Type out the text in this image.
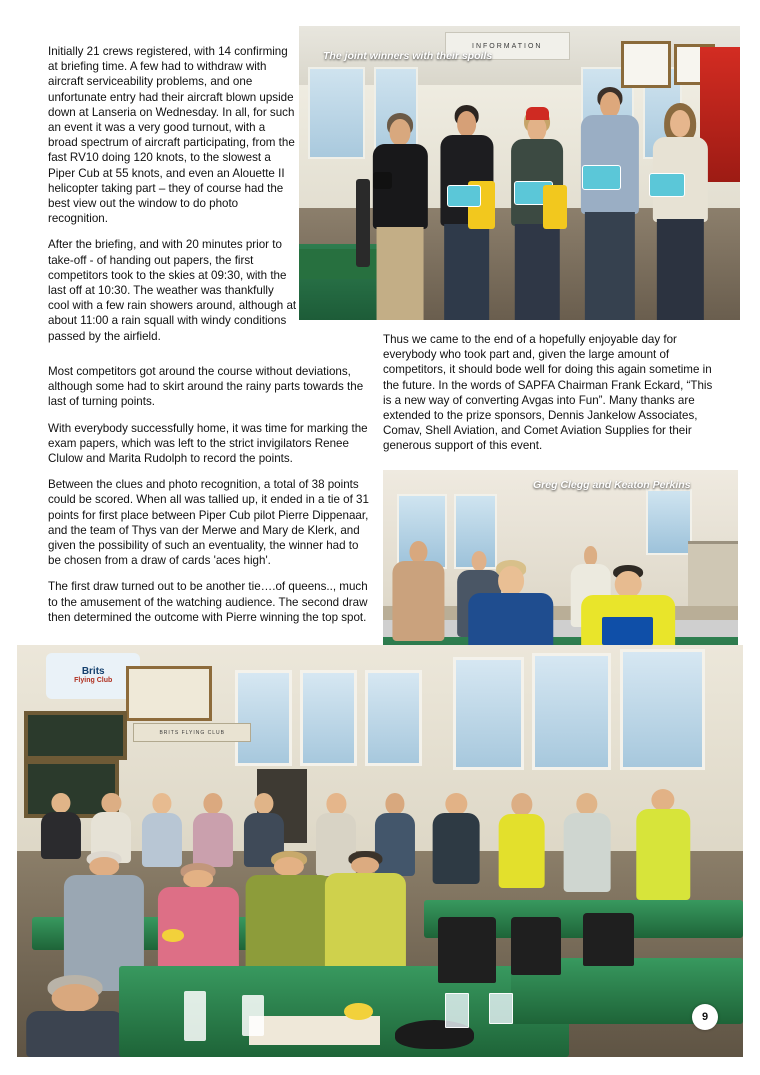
Initially 21 crews registered, with 14 confirming at briefing time. A few had to withdraw with aircraft serviceability problems, and one unfortunate entry had their aircraft blown upside down at Lanseria on Wednesday. In all, for such an event it was a very good turnout, with a broad spectrum of aircraft participating, from the fast RV10 doing 120 knots, to the slowest a Piper Cub at 55 knots, and even an Alouette II helicopter taking part – they of course had the best view out the window to do photo recognition.

After the briefing, and with 20 minutes prior to take-off - of handing out papers, the first competitors took to the skies at 09:30, with the last off at 10:30. The weather was thankfully cool with a few rain showers around, although at about 11:00 a rain squall with windy conditions passed by the airfield.

Most competitors got around the course without deviations, although some had to skirt around the rainy parts towards the last of turning points.

With everybody successfully home, it was time for marking the exam papers, which was left to the strict invigilators Renee Clulow and Marita Rudolph to record the points.

Between the clues and photo recognition, a total of 38 points could be scored. When all was tallied up, it ended in a tie of 31 points for first place between Piper Cub pilot Pierre Dippenaar, and the team of Thys van der Merwe and Mary de Klerk, and given the possibility of such an eventuality, the winner had to be chosen from a draw of cards 'aces high'.

The first draw turned out to be another tie….of queens.., much to the amusement of the watching audience. The second draw then determined the outcome with Pierre winning the top spot.

Thus we came to the end of a hopefully enjoyable day for everybody who took part and, given the large amount of competitors, it should bode well for doing this again sometime in the future. In the words of SAPFA Chairman Frank Eckard, “This is a new way of converting Avgas into Fun”. Many thanks are extended to the prize sponsors, Dennis Jankelow Associates, Comav, Shell Aviation, and Comet Aviation Supplies for their generous support of this event.

INFORMATION
The joint winners with their spoils
Greg Clegg and Keaton Perkins
Brits
Flying Club
BRITS FLYING CLUB
9
